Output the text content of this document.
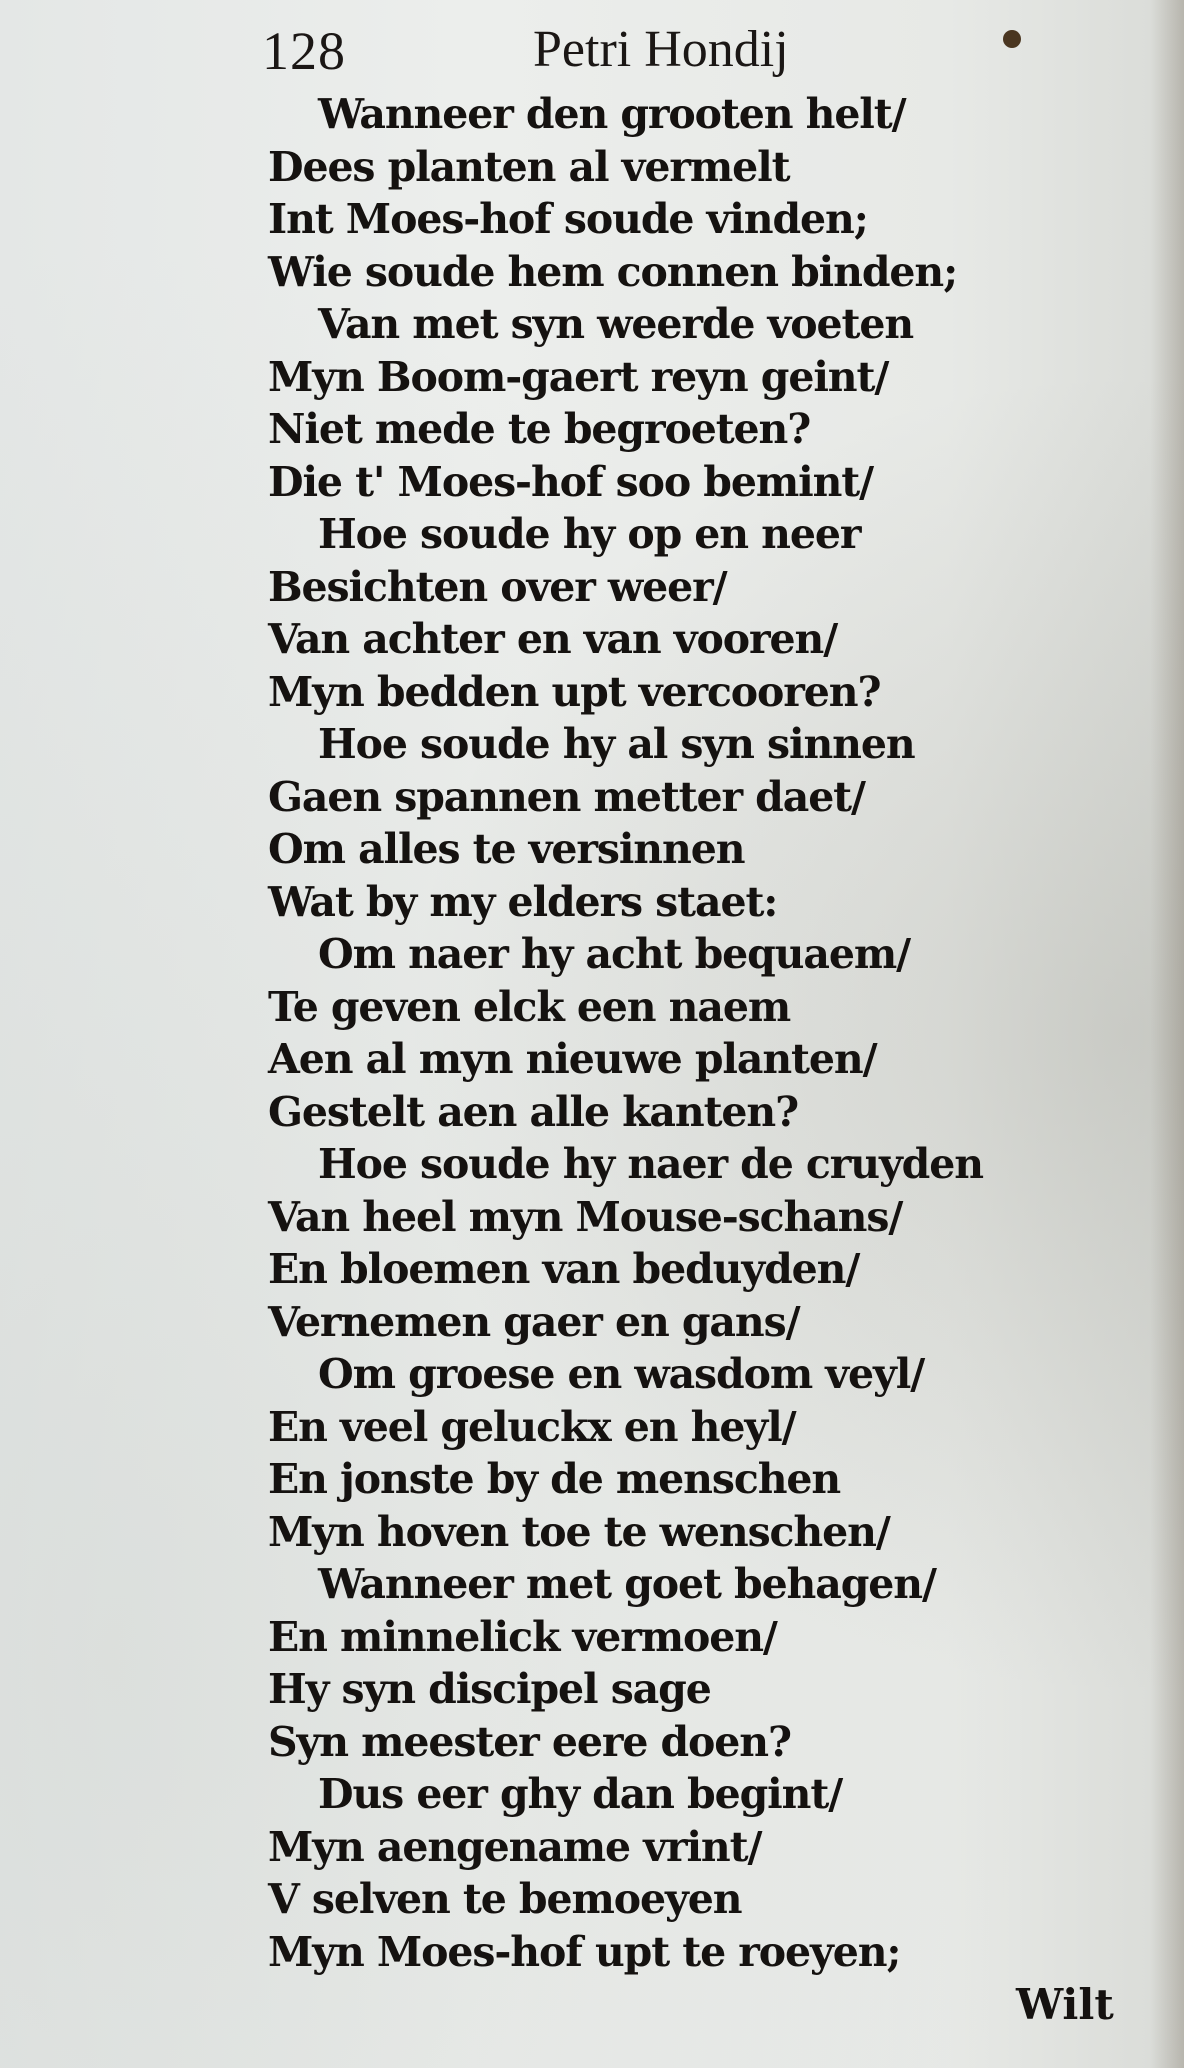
128	Petri Hondij
Wanneer den grooten helt/
Dees planten al vermelt
Int Moes-hof soude vinden;
Wie soude hem connen binden;
Van met syn weerde voeten
Myn Boom-gaert reyn geint/
Niet mede te begroeten?
Die t' Moes-hof soo bemint/
Hoe soude hy op en neer
Besichten over weer/
Van achter en van vooren/
Myn bedden upt vercooren?
Hoe soude hy al syn sinnen
Gaen spannen metter daet/
Om alles te versinnen
Wat by my elders staet:
Om naer hy acht bequaem/
Te geven elck een naem
Aen al myn nieuwe planten/
Gestelt aen alle kanten?
Hoe soude hy naer de cruyden
Van heel myn Mouse-schans/
En bloemen van beduyden/
Vernemen gaer en gans/
Om groese en wasdom veyl/
En veel geluckx en heyl/
En jonste by de menschen
Myn hoven toe te wenschen/
Wanneer met goet behagen/
En minnelick vermoen/
Hy syn discipel sage
Syn meester eere doen?
Dus eer ghy dan begint/
Myn aengename vrint/
V selven te bemoeyen
Myn Moes-hof upt te roeyen;
Wilt
